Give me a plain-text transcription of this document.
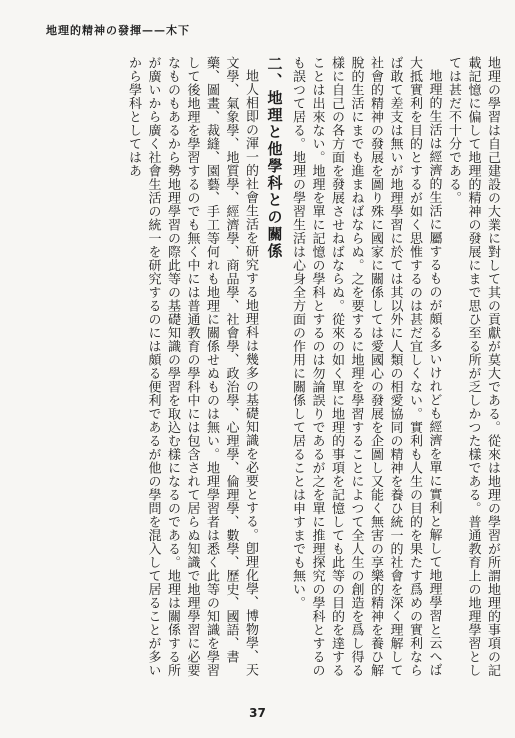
地理的精神の發揮——木下

地理の學習は自己建設の大業に對して其の貢獻が莫大である。從來は地理の學習が所謂地理的事項の記載記憶に偏して地理的精神の發展にまで思ひ至る所が乏しかつた樣である。普通教育上の地理學習としては甚だ不十分である。

地理的生活は經濟的生活に屬するものが頗る多いけれども經濟を單に實利と解して地理學習と云へば大抵實利を目的とするが如く思惟するのは甚だ宜しくない。實利も人生の目的を果たす爲めの實利ならば敢て差支は無いが地理學習に於ては其以外に人類の相愛協同の精神を養ひ統一的社會を深く理解して社會的精神の發展を圖り殊に國家に關係しては愛國心の發展を企圖し又能く無害の享樂的精神を養ひ解脫的生活にまでも進まねばならぬ。之を要するに地理を學習することによつて全人生の創造を爲し得る樣に自己の各方面を發展させねばならぬ。從來の如く單に地理的事項を記憶しても此等の目的を達することは出來ない。地理を單に記憶の學科とするのは勿論誤りであるが之を單に推理探究の學科とするのも誤つて居る。地理の學習生活は心身全方面の作用に關係して居ることは申すまでも無い。

二、地理と他學科との關係

地人相即の渾一的社會生活を研究する地理科は幾多の基礎知識を必要とする。卽理化學、博物學、天文學、氣象學、地質學、經濟學、商品學、社會學、政治學、心理學、倫理學、數學、歷史、國語、書藥、圖畫、裁縫、園藝、手工等何れも地理に關係せぬものは無い。地理學習者は悉く此等の知識を學習して後地理を學習するのでも無く中には普通教育の學科中には包含されて居らぬ知識で地理學習に必要なものもあるから勢地理學習の際此等の基礎知識の學習を取込む樣になるのである。地理は關係する所が廣いから廣く社會生活の統一を研究するのには頗る便利であるが他の學問を混入して居ることが多いから學科としてはあ

37
